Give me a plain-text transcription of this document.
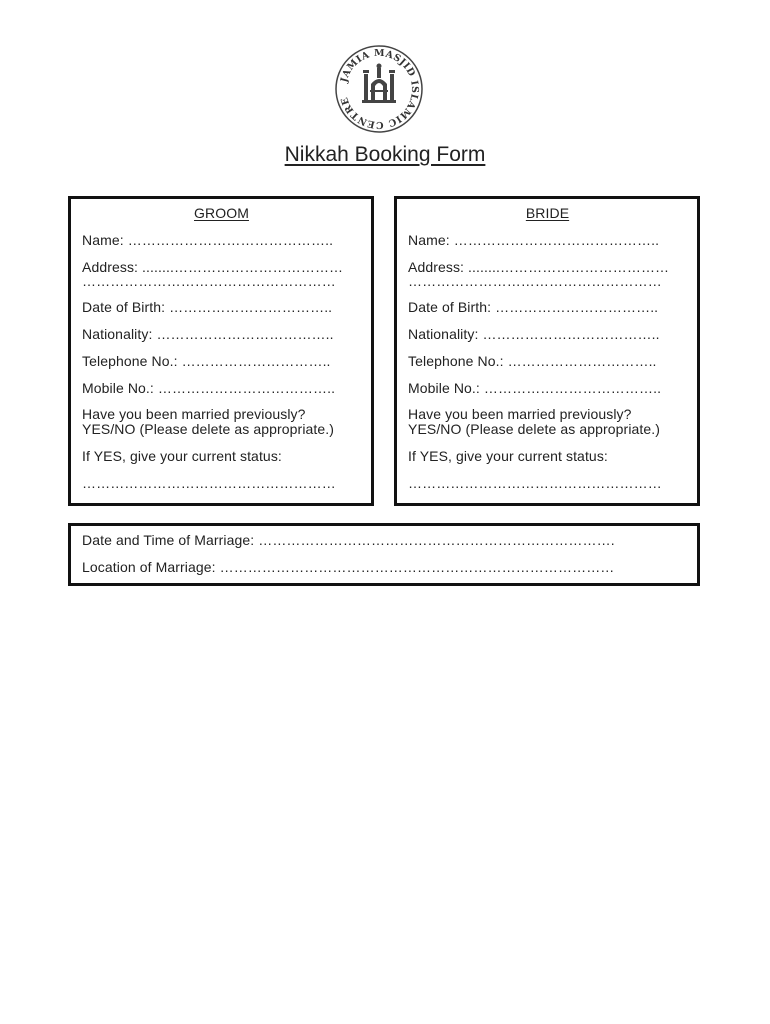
JAMIA MASJID ISLAMIC CENTRE
Nikkah Booking Form
GROOM
Name: ……………………………………..
Address: ........………………………………
………………………………………………
Date of Birth: ……………………………..
Nationality: ………………………………..
Telephone No.: …………………………..
Mobile No.: ………………………………..
Have you been married previously?
YES/NO (Please delete as appropriate.)
If YES, give your current status:
………………………………………………
BRIDE
Name: ……………………………………..
Address: ........………………………………
………………………………………………
Date of Birth: ……………………………..
Nationality: ………………………………..
Telephone No.: …………………………..
Mobile No.: ………………………………..
Have you been married previously?
YES/NO (Please delete as appropriate.)
If YES, give your current status:
………………………………………………
Date and Time of Marriage: ………………………………………………………………….
Location of Marriage: …………………………………………………………………………
